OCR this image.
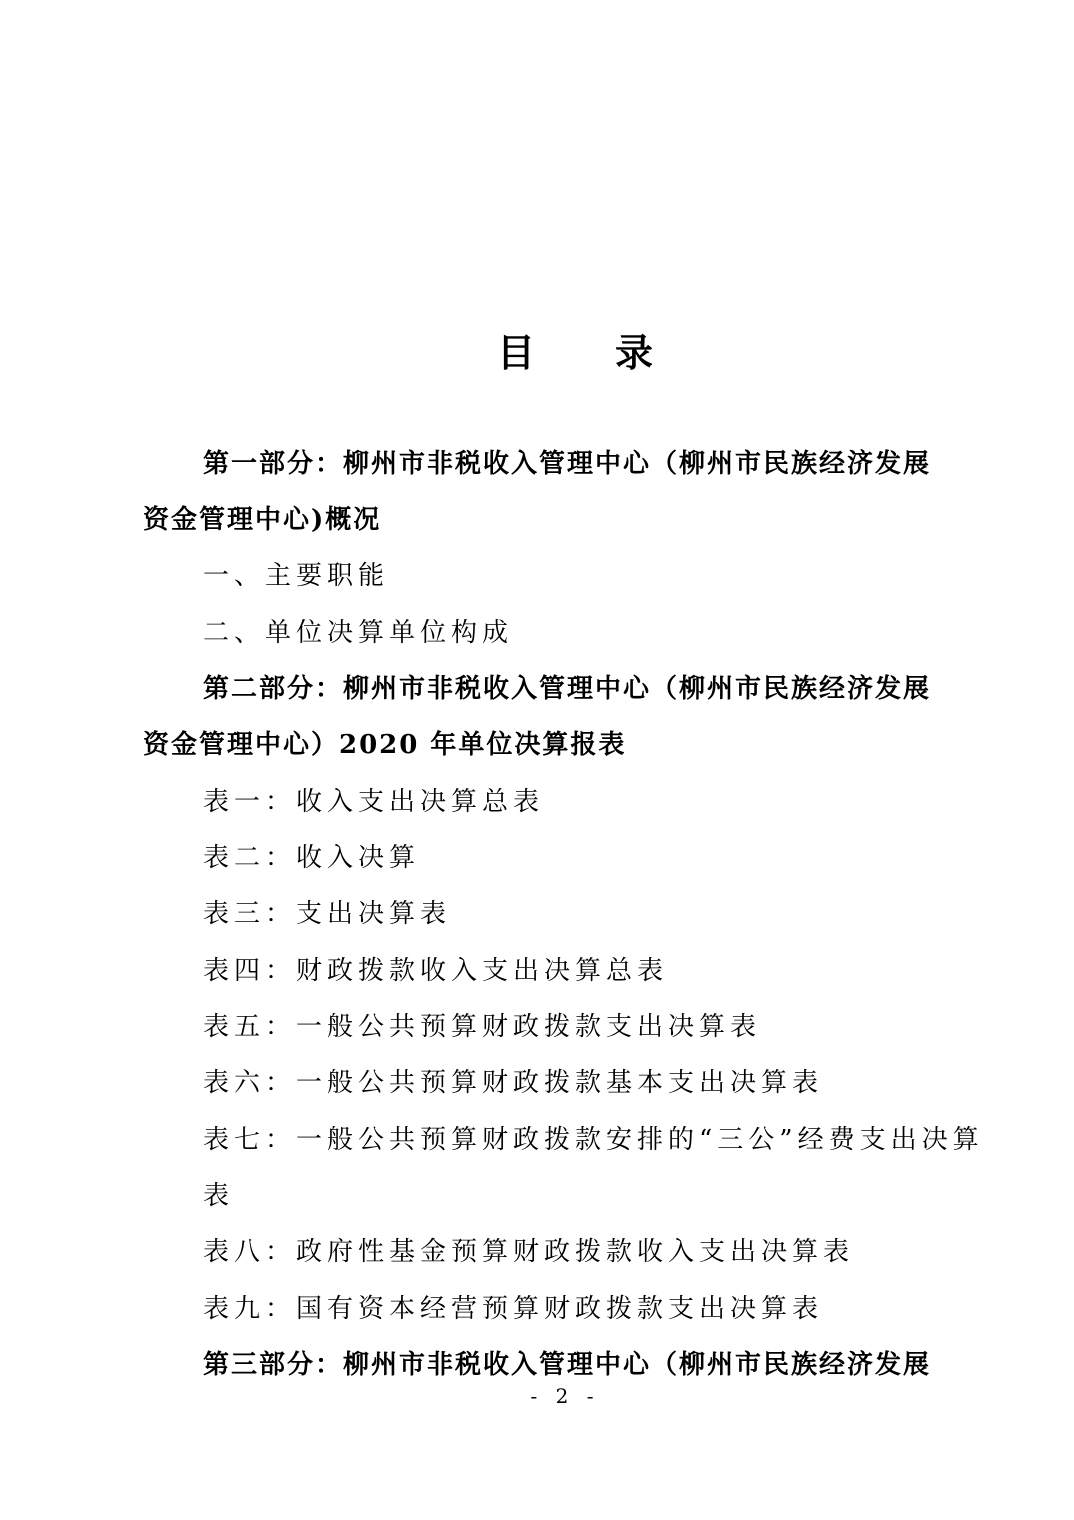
目 录
第一部分：柳州市非税收入管理中心（柳州市民族经济发展
资金管理中心)概况
一、主要职能
二、单位决算单位构成
第二部分：柳州市非税收入管理中心（柳州市民族经济发展
资金管理中心）2020 年单位决算报表
表一：收入支出决算总表
表二：收入决算
表三：支出决算表
表四：财政拨款收入支出决算总表
表五：一般公共预算财政拨款支出决算表
表六：一般公共预算财政拨款基本支出决算表
表七：一般公共预算财政拨款安排的“三公”经费支出决算
表
表八：政府性基金预算财政拨款收入支出决算表
表九：国有资本经营预算财政拨款支出决算表
第三部分：柳州市非税收入管理中心（柳州市民族经济发展
- 2 -
